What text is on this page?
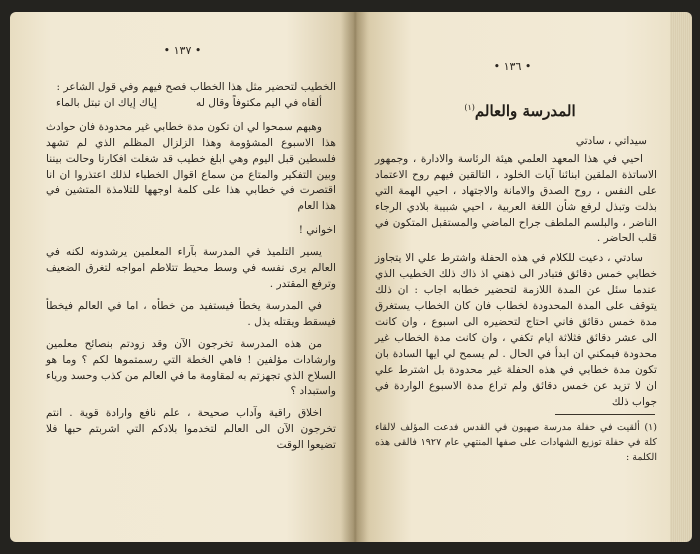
• ١٣٧ •

الخطيب لتحضير مثل هذا الخطاب فصح فيهم وفي قول الشاعر :

ألقاه في اليم مكتوفاً وقال له
إياك إياك ان تبتل بالماء

وهبهم سمحوا لي ان تكون مدة خطابي غير محدودة فان حوادث هذا الاسبوع المشؤومة وهذا الزلزال المظلم الذي لم تشهد فلسطين قبل اليوم وهي ابلغ خطيب قد شغلت افكارنا وحالت بيننا وبين التفكير والمتاع من سماع اقوال الخطباء لذلك اعتذروا ان انا اقتصرت في خطابي هذا على كلمة اوجهها للتلامذة المتشين في هذا العام

اخواني !

يسير التلميذ في المدرسة بآراء المعلمين يرشدونه لكنه في العالم يرى نفسه في وسط محيط تتلاطم امواجه لتغرق الضعيف وترفع المقتدر .

في المدرسة يخطأ فيستفيد من خطأه ، اما في العالم فيخطأ فيسقط ويقتله يذل .

من هذه المدرسة تخرجون الآن وقد زودتم بنصائح معلمين وارشادات مؤلفين ! فاهي الخطة التي رسمتموها لكم ؟ وما هو السلاح الذي تجهزتم به لمقاومة ما في العالم من كذب وحسد ورياء واستبداد ؟

اخلاق راقية وآداب صحيحة ، علم نافع وارادة قوية . انتم تخرجون الآن الى العالم لتخدموا بلادكم التي اشربتم حبها فلا تضيعوا الوقت

• ١٣٦ •
المدرسة والعالم$^{(١)}$

سيداتي ، سادتي

احيي في هذا المعهد العلمي هيئة الرئاسة والادارة ، وجمهور الاساتذة الملقين ابنائنا آيات الخلود ، التالقين فيهم روح الاعتماد على النفس ، روح الصدق والامانة والاجتهاد ، احيي الهمة التي بذلت وتبذل لرفع شأن اللغة العربية ، احيي شبيبة بلادي الرجاء الناضر ، والبلسم الملطف جراح الماضي والمستقبل المتكون في قلب الحاضر .

سادتي ، دعيت للكلام في هذه الحفلة واشترط علي الا يتجاوز خطابي خمس دقائق فتبادر الى ذهني اذ ذاك ذلك الخطيب الذي عندما سئل عن المدة اللازمة لتحضير خطابه اجاب : ان ذلك يتوقف على المدة المحدودة لخطاب فان كان الخطاب يستغرق مدة خمس دقائق فاني احتاج لتحضيره الى اسبوع ، وان كانت الى عشر دقائق فثلاثة ايام تكفي ، وان كانت مدة الخطاب غير محدودة فيمكني ان ابدأ في الحال . لم يسمح لي ايها السادة بان تكون مدة خطابي في هذه الحفلة غير محدودة بل اشترط علي ان لا تزيد عن خمس دقائق ولم تراع مدة الاسبوع الواردة في جواب ذلك

(١) ألقيت في حفلة مدرسة صهيون في القدس فدعت المؤلف لالقاء كلة في حفلة توزيع الشهادات على صفها المنتهي عام ١٩٢٧ فالقى هذه الكلمة :
